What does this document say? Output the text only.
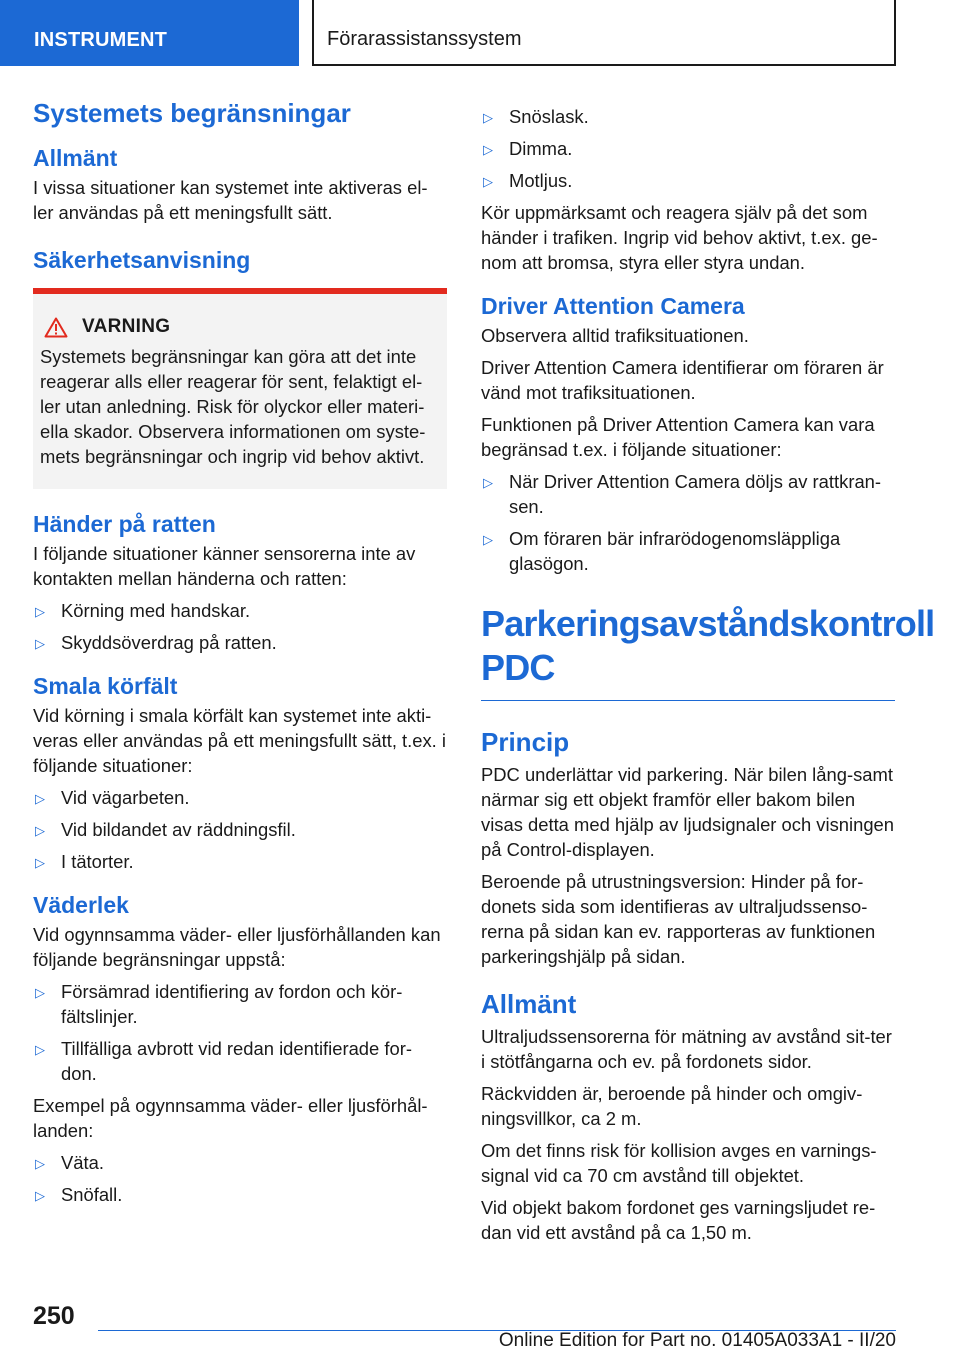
INSTRUMENT	Förarassistanssystem
Systemets begränsningar
Allmänt
I vissa situationer kan systemet inte aktiveras el-ler användas på ett meningsfullt sätt.
Säkerhetsanvisning
VARNING
Systemets begränsningar kan göra att det inte reagerar alls eller reagerar för sent, felaktigt el-ler utan anledning. Risk för olyckor eller materi-ella skador. Observera informationen om syste-mets begränsningar och ingrip vid behov aktivt.
Händer på ratten
I följande situationer känner sensorerna inte av kontakten mellan händerna och ratten:
▷ Körning med handskar.
▷ Skyddsöverdrag på ratten.
Smala körfält
Vid körning i smala körfält kan systemet inte akti-veras eller användas på ett meningsfullt sätt, t.ex. i följande situationer:
▷ Vid vägarbeten.
▷ Vid bildandet av räddningsfil.
▷ I tätorter.
Väderlek
Vid ogynnsamma väder- eller ljusförhållanden kan följande begränsningar uppstå:
▷ Försämrad identifiering av fordon och kör-fältslinjer.
▷ Tillfälliga avbrott vid redan identifierade for-don.
Exempel på ogynnsamma väder- eller ljusförhål-landen:
▷ Väta.
▷ Snöfall.
▷ Snöslask.
▷ Dimma.
▷ Motljus.
Kör uppmärksamt och reagera själv på det som händer i trafiken. Ingrip vid behov aktivt, t.ex. ge-nom att bromsa, styra eller styra undan.
Driver Attention Camera
Observera alltid trafiksituationen.
Driver Attention Camera identifierar om föraren är vänd mot trafiksituationen.
Funktionen på Driver Attention Camera kan vara begränsad t.ex. i följande situationer:
▷ När Driver Attention Camera döljs av rattkran-sen.
▷ Om föraren bär infrarödogenomsläppliga glasögon.
Parkeringsavståndskontroll
PDC
Princip
PDC underlättar vid parkering. När bilen lång-samt närmar sig ett objekt framför eller bakom bilen visas detta med hjälp av ljudsignaler och visningen på Control-displayen.
Beroende på utrustningsversion: Hinder på for-donets sida som identifieras av ultraljudssenso-rerna på sidan kan ev. rapporteras av funktionen parkeringshjälp på sidan.
Allmänt
Ultraljudssensorerna för mätning av avstånd sit-ter i stötfångarna och ev. på fordonets sidor.
Räckvidden är, beroende på hinder och omgiv-ningsvillkor, ca 2 m.
Om det finns risk för kollision avges en varnings-signal vid ca 70 cm avstånd till objektet.
Vid objekt bakom fordonet ges varningsljudet re-dan vid ett avstånd på ca 1,50 m.
250
Online Edition for Part no. 01405A033A1 - II/20
